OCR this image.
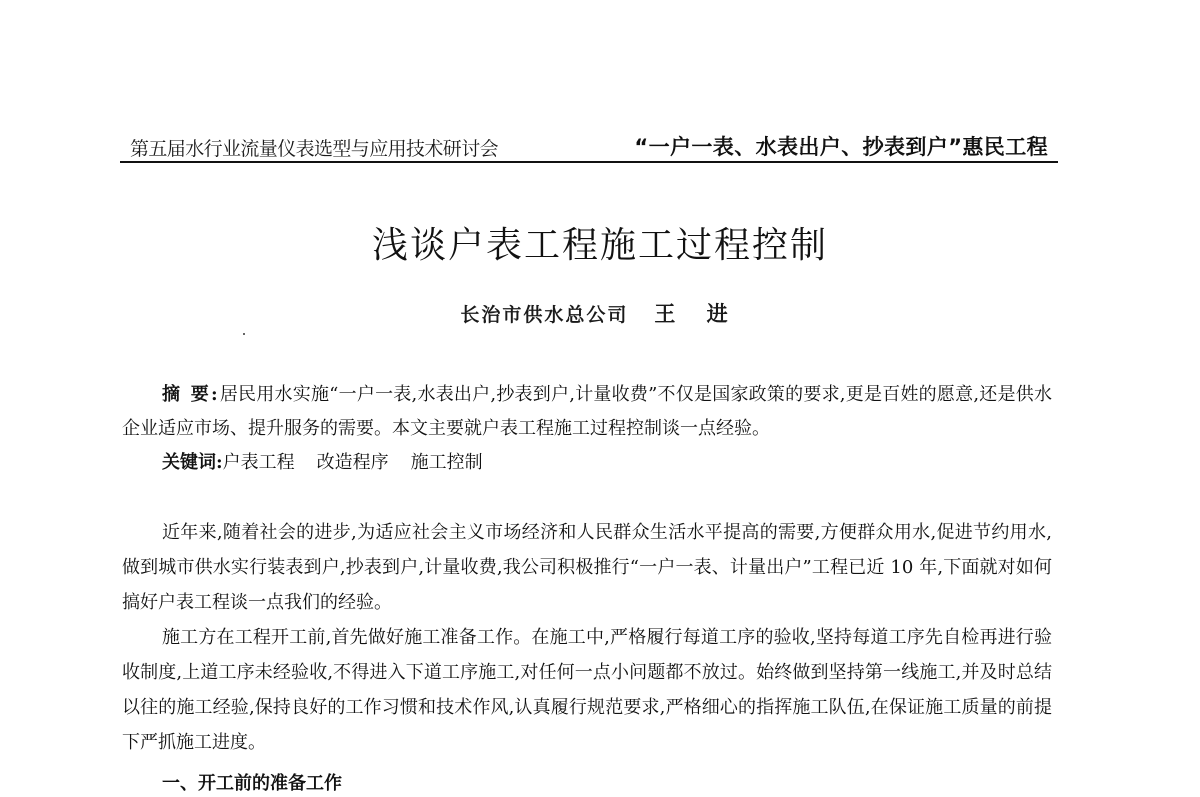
第五届水行业流量仪表选型与应用技术研讨会	“一户一表、水表出户、抄表到户”惠民工程
浅谈户表工程施工过程控制
长治市供水总公司 王 进

摘 要:居民用水实施“一户一表,水表出户,抄表到户,计量收费”不仅是国家政策的要求,更是百姓的愿意,还是供水企业适应市场、提升服务的需要。本文主要就户表工程施工过程控制谈一点经验。

关键词:户表工程 改造程序 施工控制

近年来,随着社会的进步,为适应社会主义市场经济和人民群众生活水平提高的需要,方便群众用水,促进节约用水,做到城市供水实行装表到户,抄表到户,计量收费,我公司积极推行“一户一表、计量出户”工程已近 10 年,下面就对如何搞好户表工程谈一点我们的经验。

施工方在工程开工前,首先做好施工准备工作。在施工中,严格履行每道工序的验收,坚持每道工序先自检再进行验收制度,上道工序未经验收,不得进入下道工序施工,对任何一点小问题都不放过。始终做到坚持第一线施工,并及时总结以往的施工经验,保持良好的工作习惯和技术作风,认真履行规范要求,严格细心的指挥施工队伍,在保证施工质量的前提下严抓施工进度。

一、开工前的准备工作
